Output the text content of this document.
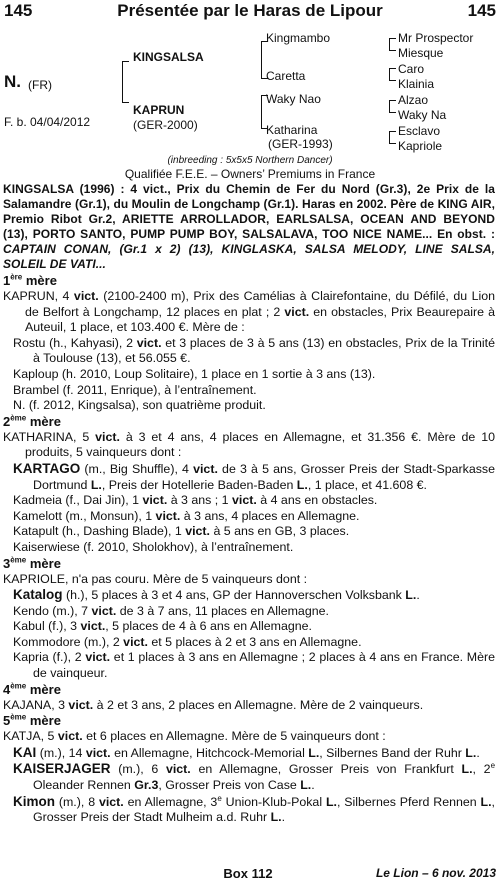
145	Présentée par le Haras de Lipour	145
N. (FR)
F. b. 04/04/2012
KINGSALSA
KAPRUN
(GER-2000)
Kingmambo
Caretta
Waky Nao
Katharina
(GER-1993)
Mr Prospector
Miesque
Caro
Klainia
Alzao
Waky Na
Esclavo
Kapriole
(inbreeding : 5x5x5 Northern Dancer)
Qualifiée F.E.E. – Owners’ Premiums in France

KINGSALSA (1996) : 4 vict., Prix du Chemin de Fer du Nord (Gr.3), 2e Prix de la Salamandre (Gr.1), du Moulin de Longchamp (Gr.1). Haras en 2002. Père de KING AIR, Premio Ribot Gr.2, ARIETTE ARROLLADOR, EARLSALSA, OCEAN AND BEYOND (13), PORTO SANTO, PUMP PUMP BOY, SALSALAVA, TOO NICE NAME... En obst. : CAPTAIN CONAN, (Gr.1 x 2) (13), KINGLASKA, SALSA MELODY, LINE SALSA, SOLEIL DE VATI...

1ère mère

KAPRUN, 4 vict. (2100-2400 m), Prix des Camélias à Clairefontaine, du Défilé, du Lion de Belfort à Longchamp, 12 places en plat ; 2 vict. en obstacles, Prix Beaurepaire à Auteuil, 1 place, et 103.400 €. Mère de :

Rostu (h., Kahyasi), 2 vict. et 3 places de 3 à 5 ans (13) en obstacles, Prix de la Trinité à Toulouse (13), et 56.055 €.

Kaploup (h. 2010, Loup Solitaire), 1 place en 1 sortie à 3 ans (13).

Brambel (f. 2011, Enrique), à l’entraînement.

N. (f. 2012, Kingsalsa), son quatrième produit.

2ème mère

KATHARINA, 5 vict. à 3 et 4 ans, 4 places en Allemagne, et 31.356 €. Mère de 10 produits, 5 vainqueurs dont :

KARTAGO (m., Big Shuffle), 4 vict. de 3 à 5 ans, Grosser Preis der Stadt-Sparkasse Dortmund L., Preis der Hotellerie Baden-Baden L., 1 place, et 41.608 €.

Kadmeia (f., Dai Jin), 1 vict. à 3 ans ; 1 vict. à 4 ans en obstacles.

Kamelott (m., Monsun), 1 vict. à 3 ans, 4 places en Allemagne.

Katapult (h., Dashing Blade), 1 vict. à 5 ans en GB, 3 places.

Kaiserwiese (f. 2010, Sholokhov), à l’entraînement.

3ème mère

KAPRIOLE, n'a pas couru. Mère de 5 vainqueurs dont :

Katalog (h.), 5 places à 3 et 4 ans, GP der Hannoverschen Volksbank L..

Kendo (m.), 7 vict. de 3 à 7 ans, 11 places en Allemagne.

Kabul (f.), 3 vict., 5 places de 4 à 6 ans en Allemagne.

Kommodore (m.), 2 vict. et 5 places à 2 et 3 ans en Allemagne.

Kapria (f.), 2 vict. et 1 places à 3 ans en Allemagne ; 2 places à 4 ans en France. Mère de vainqueur.

4ème mère

KAJANA, 3 vict. à 2 et 3 ans, 2 places en Allemagne. Mère de 2 vainqueurs.

5ème mère

KATJA, 5 vict. et 6 places en Allemagne. Mère de 5 vainqueurs dont :

KAI (m.), 14 vict. en Allemagne, Hitchcock-Memorial L., Silbernes Band der Ruhr L..

KAISERJAGER (m.), 6 vict. en Allemagne, Grosser Preis von Frankfurt L., 2e Oleander Rennen Gr.3, Grosser Preis von Case L..

Kimon (m.), 8 vict. en Allemagne, 3e Union-Klub-Pokal L., Silbernes Pferd Rennen L., Grosser Preis der Stadt Mulheim a.d. Ruhr L..

Box 112	Le Lion – 6 nov. 2013
